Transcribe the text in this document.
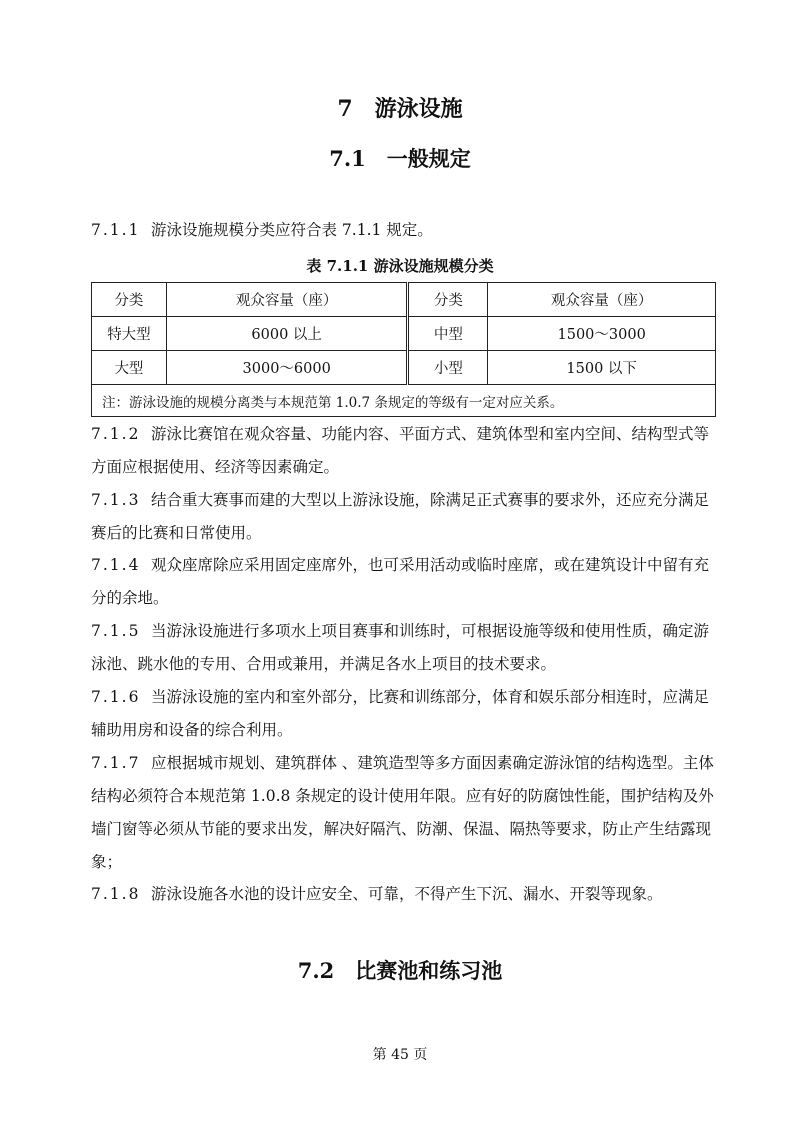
7　游泳设施
7.1　一般规定
7.1.1 游泳设施规模分类应符合表 7.1.1 规定。
表 7.1.1 游泳设施规模分类
分类	观众容量（座）	分类	观众容量（座）
特大型	6000 以上	中型	1500～3000
大型	3000～6000	小型	1500 以下
注：游泳设施的规模分离类与本规范第 1.0.7 条规定的等级有一定对应关系。			
7.1.2 游泳比赛馆在观众容量、功能内容、平面方式、建筑体型和室内空间、结构型式等方面应根据使用、经济等因素确定。
7.1.3 结合重大赛事而建的大型以上游泳设施，除满足正式赛事的要求外，还应充分满足赛后的比赛和日常使用。
7.1.4 观众座席除应采用固定座席外，也可采用活动或临时座席，或在建筑设计中留有充分的余地。
7.1.5 当游泳设施进行多项水上项目赛事和训练时，可根据设施等级和使用性质，确定游泳池、跳水他的专用、合用或兼用，并满足各水上项目的技术要求。
7.1.6 当游泳设施的室内和室外部分，比赛和训练部分，体育和娱乐部分相连时，应满足辅助用房和设备的综合利用。
7.1.7 应根据城市规划、建筑群体 、建筑造型等多方面因素确定游泳馆的结构选型。主体结构必须符合本规范第 1.0.8 条规定的设计使用年限。应有好的防腐蚀性能，围护结构及外墙门窗等必须从节能的要求出发，解决好隔汽、防潮、保温、隔热等要求，防止产生结露现象；
7.1.8 游泳设施各水池的设计应安全、可靠，不得产生下沉、漏水、开裂等现象。
7.2　比赛池和练习池
第 45 页
